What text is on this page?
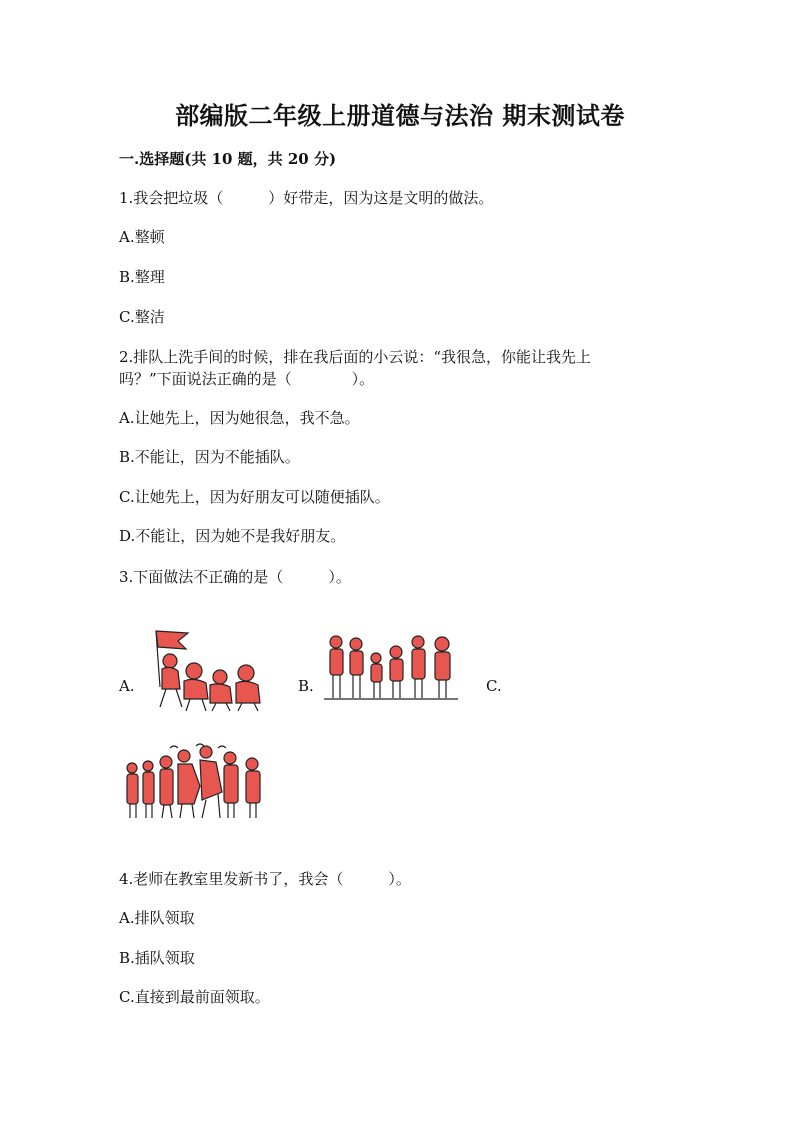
部编版二年级上册道德与法治 期末测试卷
一.选择题(共 10 题，共 20 分)
1.我会把垃圾（　　　）好带走，因为这是文明的做法。
A.整顿
B.整理
C.整洁
2.排队上洗手间的时候，排在我后面的小云说：“我很急，你能让我先上
吗？”下面说法正确的是（　　　　）。
A.让她先上，因为她很急，我不急。
B.不能让，因为不能插队。
C.让她先上，因为好朋友可以随便插队。
D.不能让，因为她不是我好朋友。
3.下面做法不正确的是（　　　）。
A.	B.	C.
4.老师在教室里发新书了，我会（　　　）。
A.排队领取
B.插队领取
C.直接到最前面领取。
